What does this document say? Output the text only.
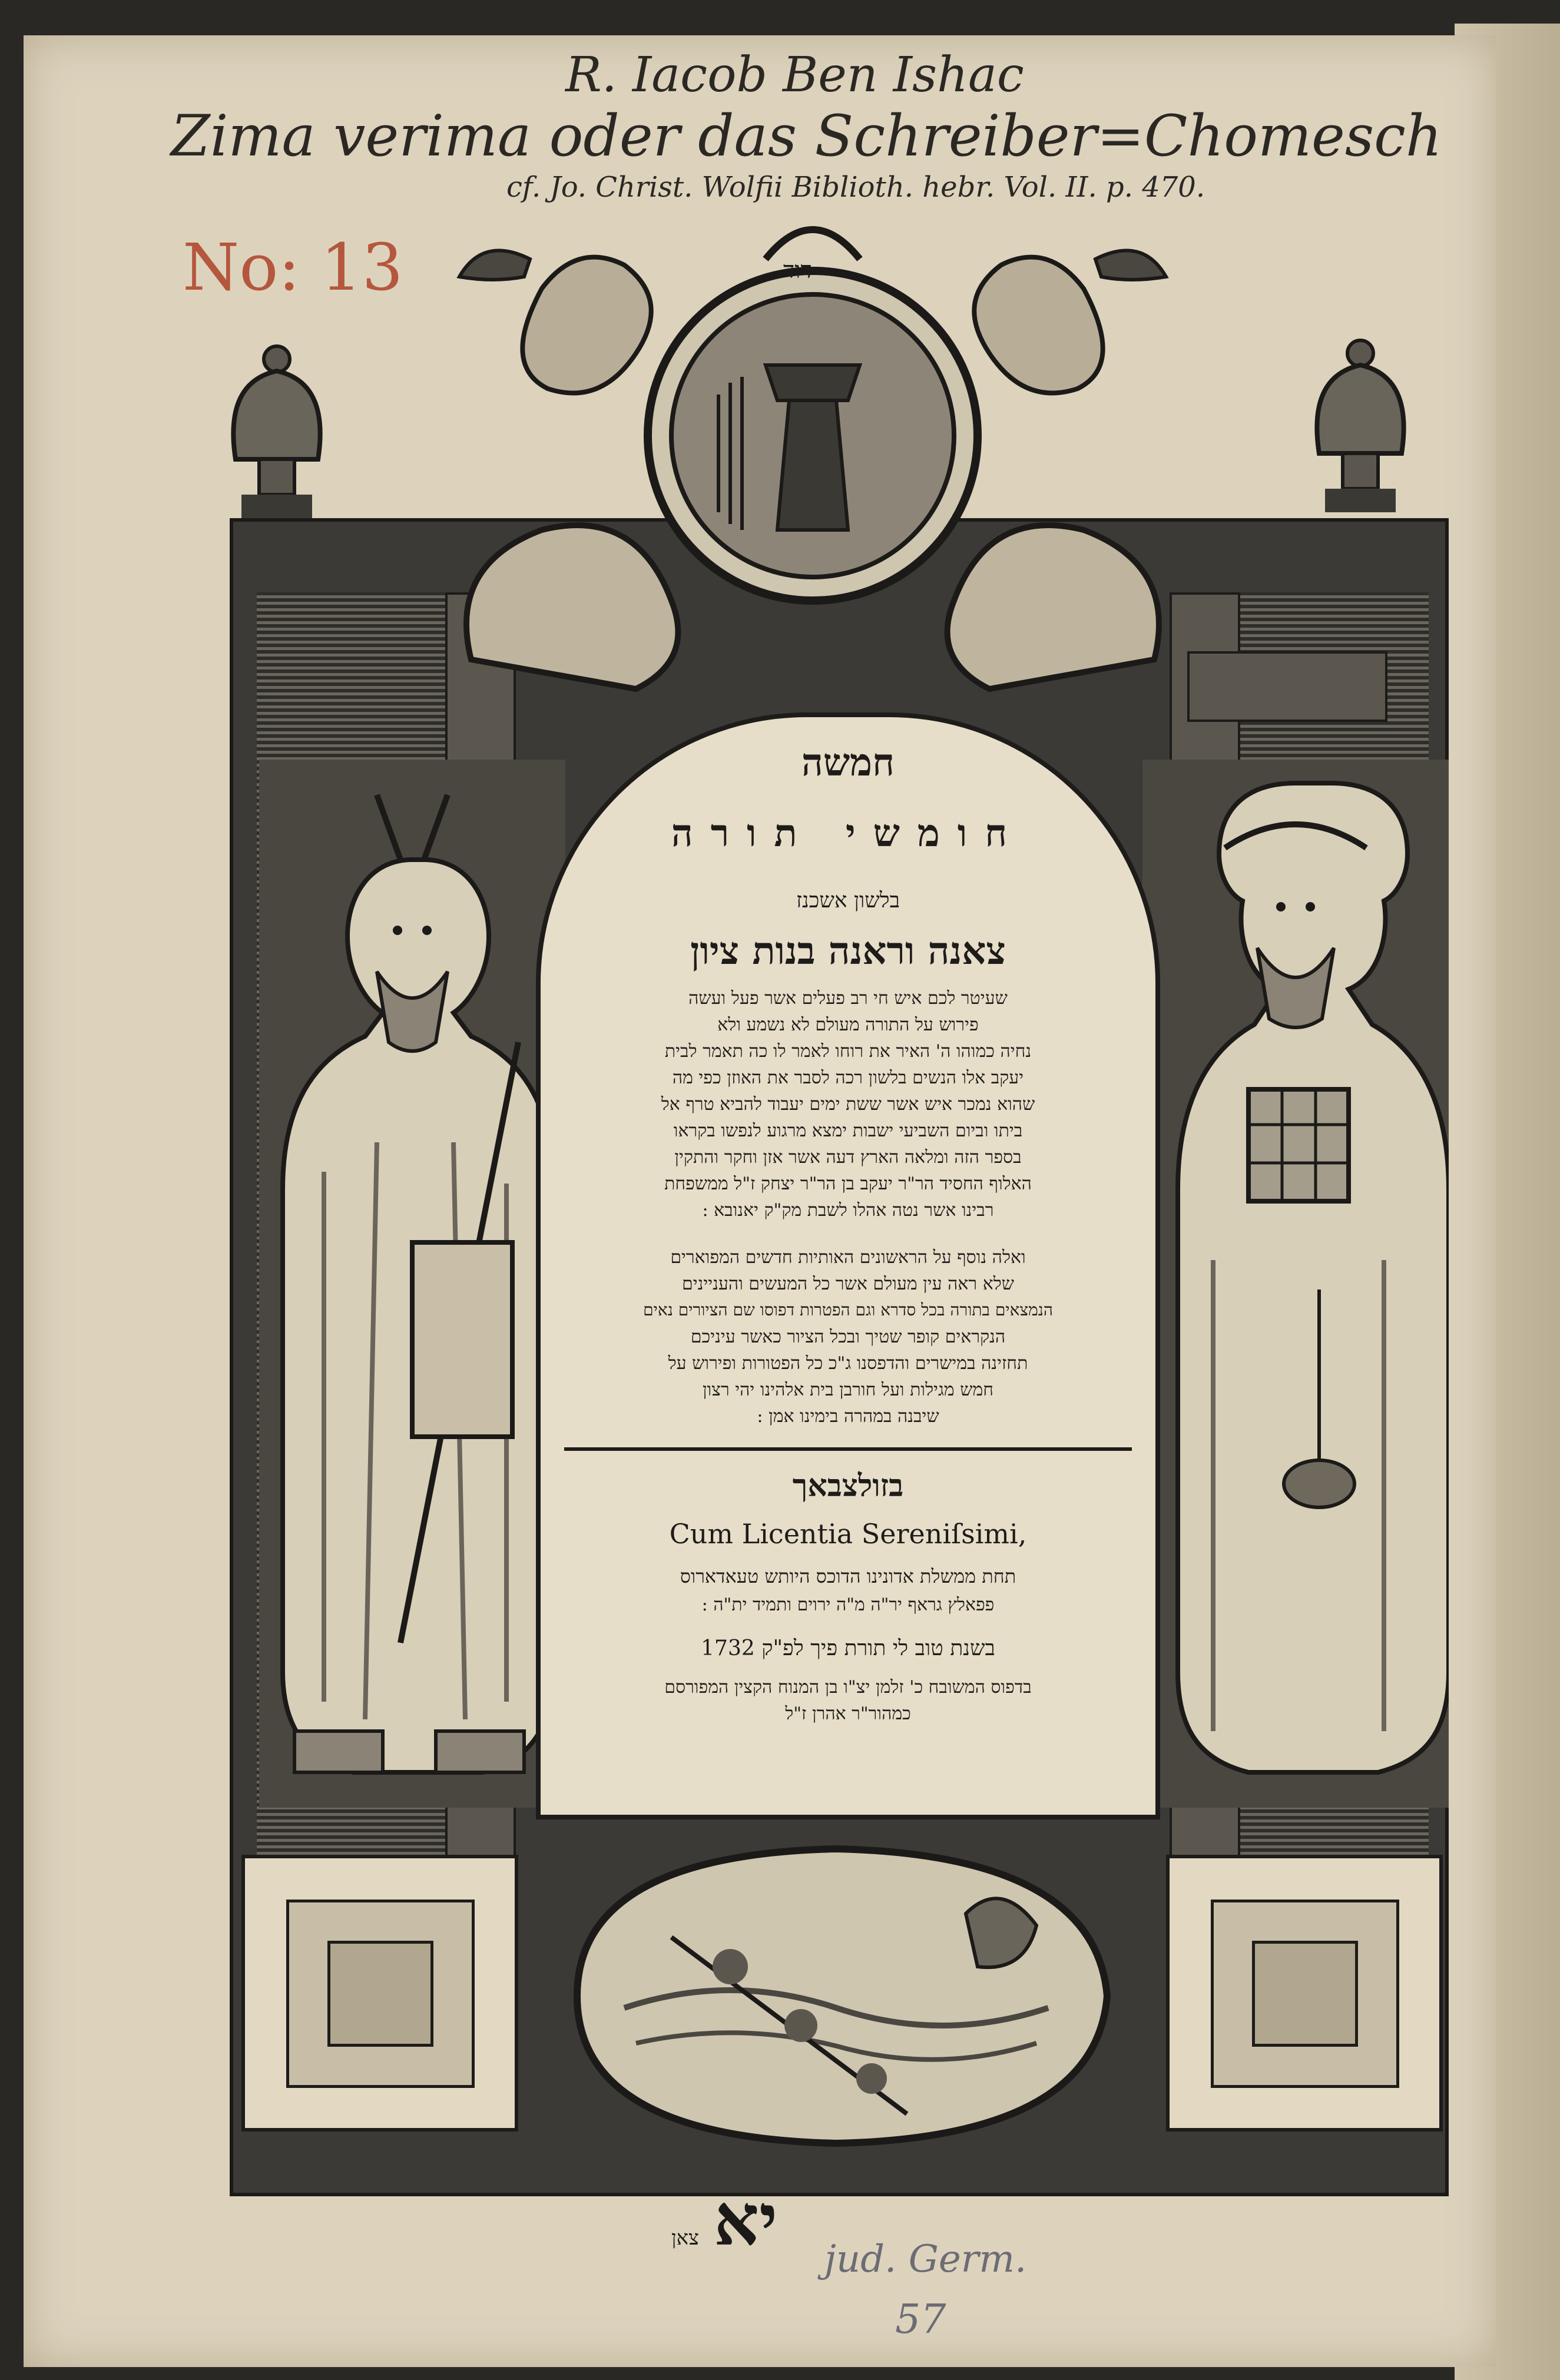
R. Iacob Ben Ishac
Zima verima oder das Schreiber=Chomesch
cf. Jo. Christ. Wolfii Biblioth. hebr. Vol. II. p. 470.
No: 13	דוד
חמשה
חומשי תורה
בלשון אשכנז
צאנה וראנה בנות ציון
שעיטר לכם איש חי רב פעלים אשר פעל ועשה
פירוש על התורה מעולם לא נשמע ולא
נחיה כמוהו ה' האיר את רוחו לאמר לו כה תאמר לבית
יעקב אלו הנשים בלשון רכה לסבר את האוזן כפי מה
שהוא נמכר איש אשר ששת ימים יעבוד להביא טרף אל
ביתו וביום השביעי ישבות ימצא מרגוע לנפשו בקראו
בספר הזה ומלאה הארץ דעה אשר אזן וחקר והתקין
האלוף החסיד הר"ר יעקב בן הר"ר יצחק ז"ל ממשפחת
רבינו אשר נטה אהלו לשבת מק"ק יאנובא :
ואלה נוסף על הראשונים האותיות חדשים המפוארים
שלא ראה עין מעולם אשר כל המעשים והעניינים
הנמצאים בתורה בכל סדרא וגם הפטרות דפוסו שם הציורים נאים
הנקראים קופר שטיך ובכל הציור כאשר עיניכם
תחזינה במישרים והדפסנו ג"כ כל הפטורות ופירוש על
חמש מגילות ועל חורבן בית אלהינו יהי רצון
שיבנה במהרה בימינו אמן :
בזולצבאך
Cum Licentia Sereniſsimi,
תחת ממשלת אדונינו הדוכס היותש טעאדארוס
פפאלץ גראף יר"ה מ"ה ירוים ותמיד ית"ה :
בשנת טוב לי תורת פיך לפ"ק 1732
בדפוס המשובח כ' זלמן יצ"ו בן המנוח הקצין המפורסם
כמהור"ר אהרן ז"ל
יא צאן	jud. Germ.
57
